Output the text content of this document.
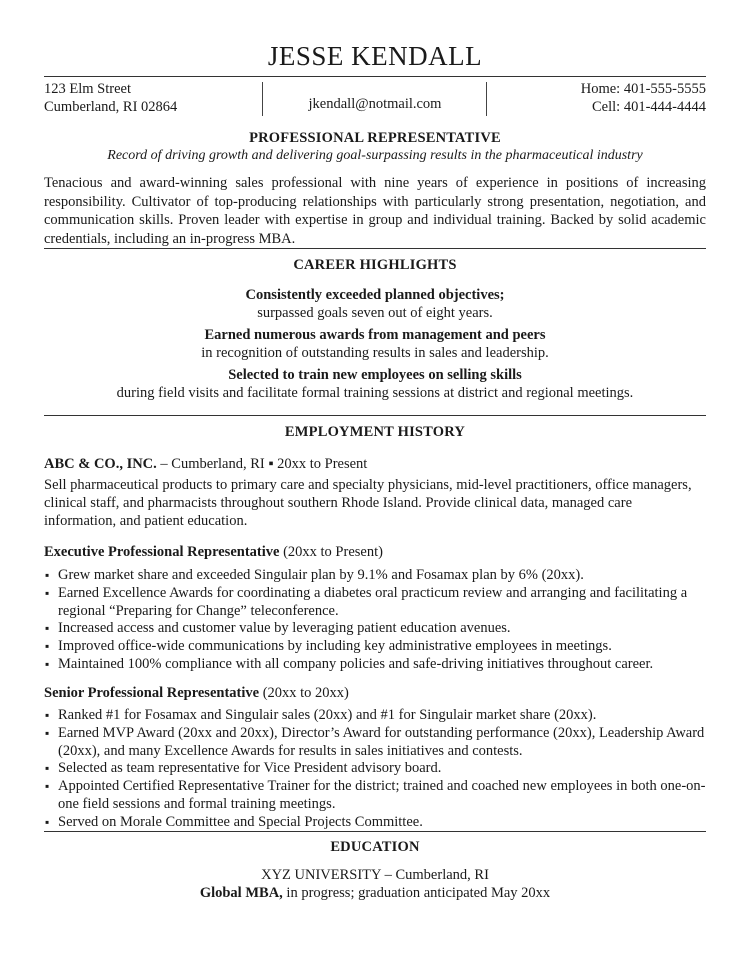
JESSE KENDALL
123 Elm Street
Cumberland, RI 02864	jkendall@notmail.com
Home: 401-555-5555
Cell: 401-444-4444
PROFESSIONAL REPRESENTATIVE
Record of driving growth and delivering goal-surpassing results in the pharmaceutical industry
Tenacious and award-winning sales professional with nine years of experience in positions of increasing responsibility. Cultivator of top-producing relationships with particularly strong presentation, negotiation, and communication skills. Proven leader with expertise in group and individual training. Backed by solid academic credentials, including an in-progress MBA.
CAREER HIGHLIGHTS
Consistently exceeded planned objectives;
surpassed goals seven out of eight years.
Earned numerous awards from management and peers
in recognition of outstanding results in sales and leadership.
Selected to train new employees on selling skills
during field visits and facilitate formal training sessions at district and regional meetings.
EMPLOYMENT HISTORY
ABC & CO., INC. – Cumberland, RI ▪ 20xx to Present
Sell pharmaceutical products to primary care and specialty physicians, mid-level practitioners, office managers, clinical staff, and pharmacists throughout southern Rhode Island. Provide clinical data, managed care information, and patient education.
Executive Professional Representative (20xx to Present)
▪ Grew market share and exceeded Singulair plan by 9.1% and Fosamax plan by 6% (20xx).
▪ Earned Excellence Awards for coordinating a diabetes oral practicum review and arranging and facilitating a regional “Preparing for Change” teleconference.
▪ Increased access and customer value by leveraging patient education avenues.
▪ Improved office-wide communications by including key administrative employees in meetings.
▪ Maintained 100% compliance with all company policies and safe-driving initiatives throughout career.
Senior Professional Representative (20xx to 20xx)
▪ Ranked #1 for Fosamax and Singulair sales (20xx) and #1 for Singulair market share (20xx).
▪ Earned MVP Award (20xx and 20xx), Director’s Award for outstanding performance (20xx), Leadership Award (20xx), and many Excellence Awards for results in sales initiatives and contests.
▪ Selected as team representative for Vice President advisory board.
▪ Appointed Certified Representative Trainer for the district; trained and coached new employees in both one-on-one field sessions and formal training meetings.
▪ Served on Morale Committee and Special Projects Committee.
EDUCATION
XYZ UNIVERSITY – Cumberland, RI
Global MBA, in progress; graduation anticipated May 20xx
